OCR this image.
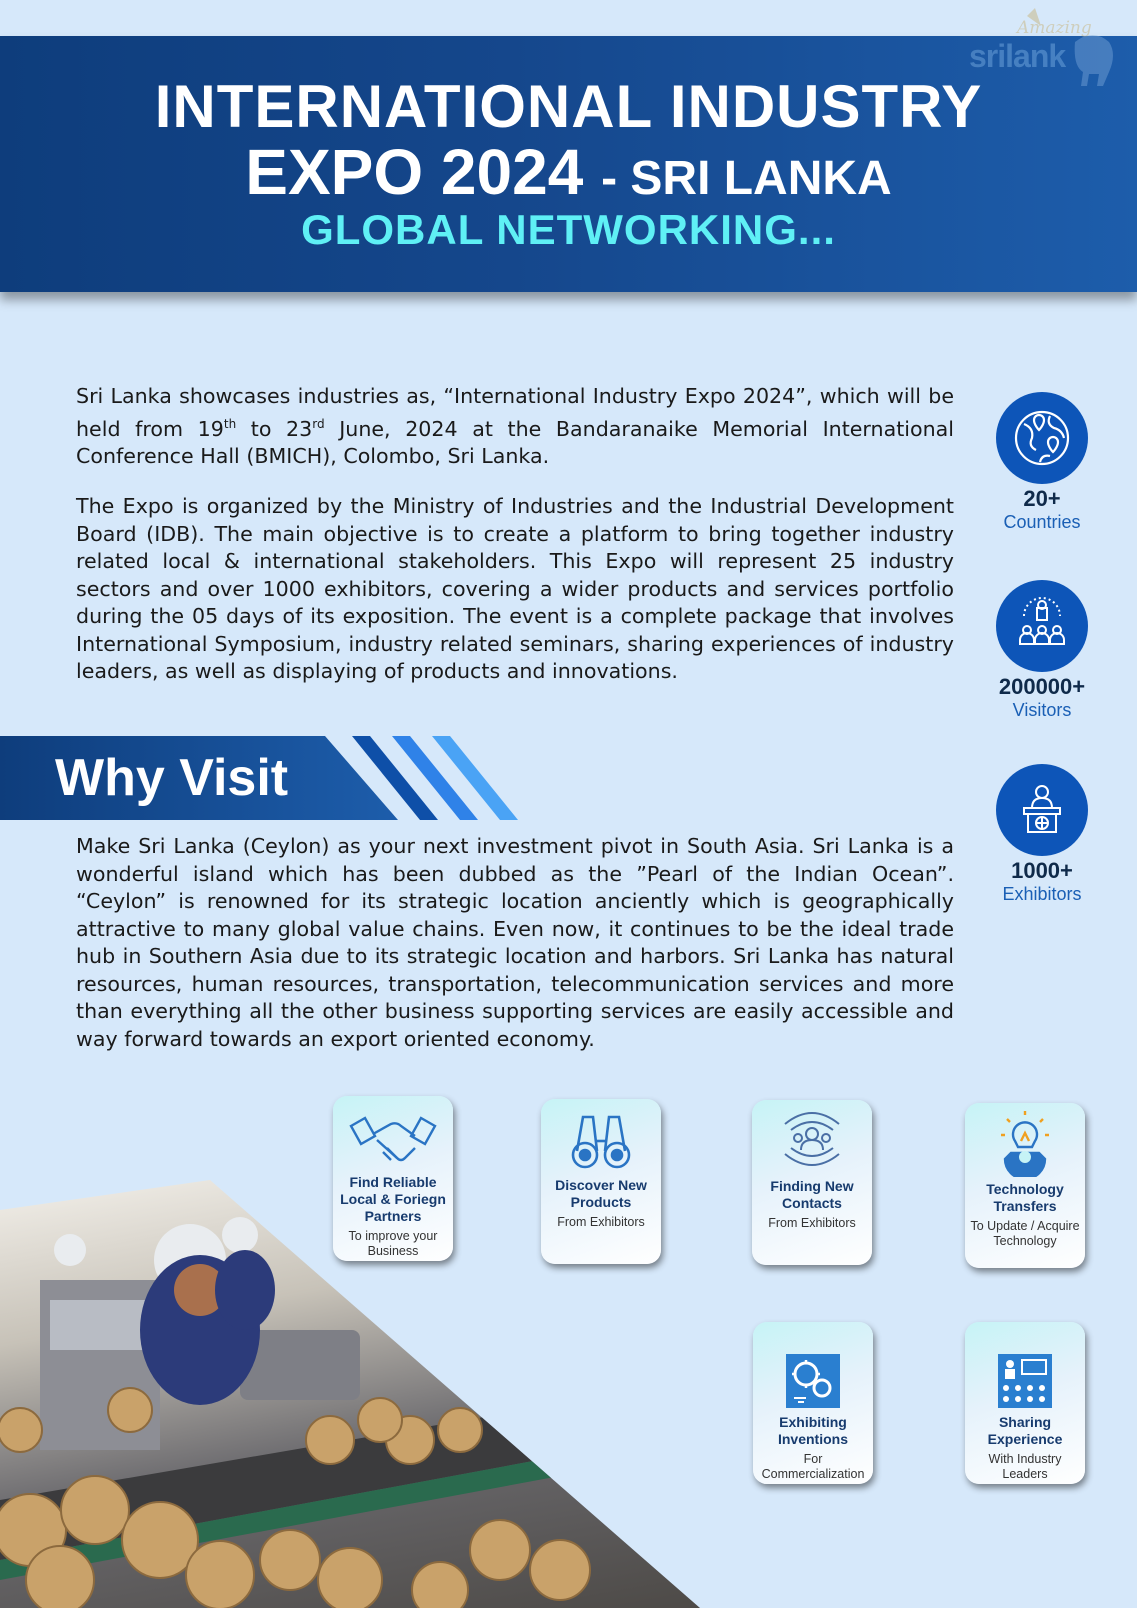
INTERNATIONAL INDUSTRY
EXPO 2024 - SRI LANKA
GLOBAL NETWORKING...
Amazing
srilank
Sri Lanka showcases industries as, “International Industry Expo 2024”, which will be held from 19th to 23rd June, 2024 at the Bandaranaike Memorial International Conference Hall (BMICH), Colombo, Sri Lanka.
The Expo is organized by the Ministry of Industries and the Industrial Development Board (IDB). The main objective is to create a platform to bring together industry related local & international stakeholders. This Expo will represent 25 industry sectors and over 1000 exhibitors, covering a wider products and services portfolio during the 05 days of its exposition. The event is a complete package that involves International Symposium, industry related seminars, sharing experiences of industry leaders, as well as displaying of products and innovations.
20+
Countries
200000+
Visitors
1000+
Exhibitors
Why Visit
Make Sri Lanka (Ceylon) as your next investment pivot in South Asia. Sri Lanka is a wonderful island which has been dubbed as the ”Pearl of the Indian Ocean”. “Ceylon” is renowned for its strategic location anciently which is geographically attractive to many global value chains. Even now, it continues to be the ideal trade hub in Southern Asia due to its strategic location and harbors. Sri Lanka has natural resources, human resources, transportation, telecommunication services and more than everything all the other business supporting services are easily accessible and way forward towards an export oriented economy.
Find Reliable Local & Foriegn Partners
To improve your Business
Discover New Products
From Exhibitors
Finding New Contacts
From Exhibitors
Technology Transfers
To Update / Acquire Technology
Exhibiting Inventions
For Commercialization
Sharing Experience
With Industry Leaders
